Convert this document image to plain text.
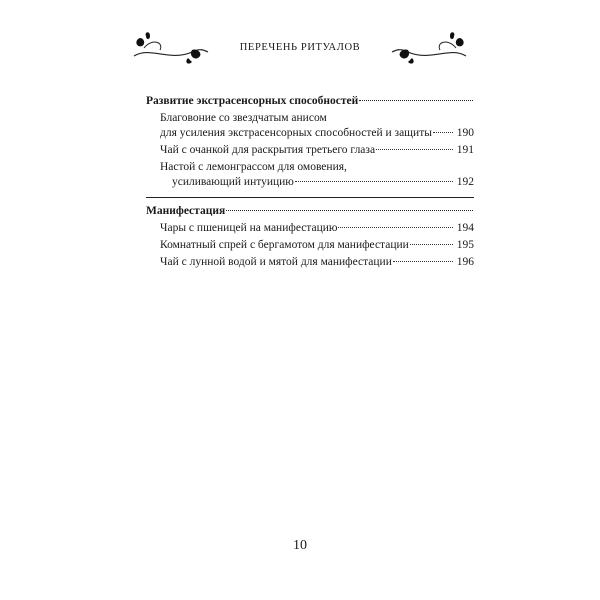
ПЕРЕЧЕНЬ РИТУАЛОВ
Развитие экстрасенсорных способностей
Благовоние со звездчатым анисом
для усиления экстрасенсорных способностей и защиты 190
Чай с очанкой для раскрытия третьего глаза	191
Настой с лемонграссом для омовения,
усиливающий интуицию	192
Манифестация
Чары с пшеницей на манифестацию	194
Комнатный спрей с бергамотом для манифестации	195
Чай с лунной водой и мятой для манифестации	196
10
